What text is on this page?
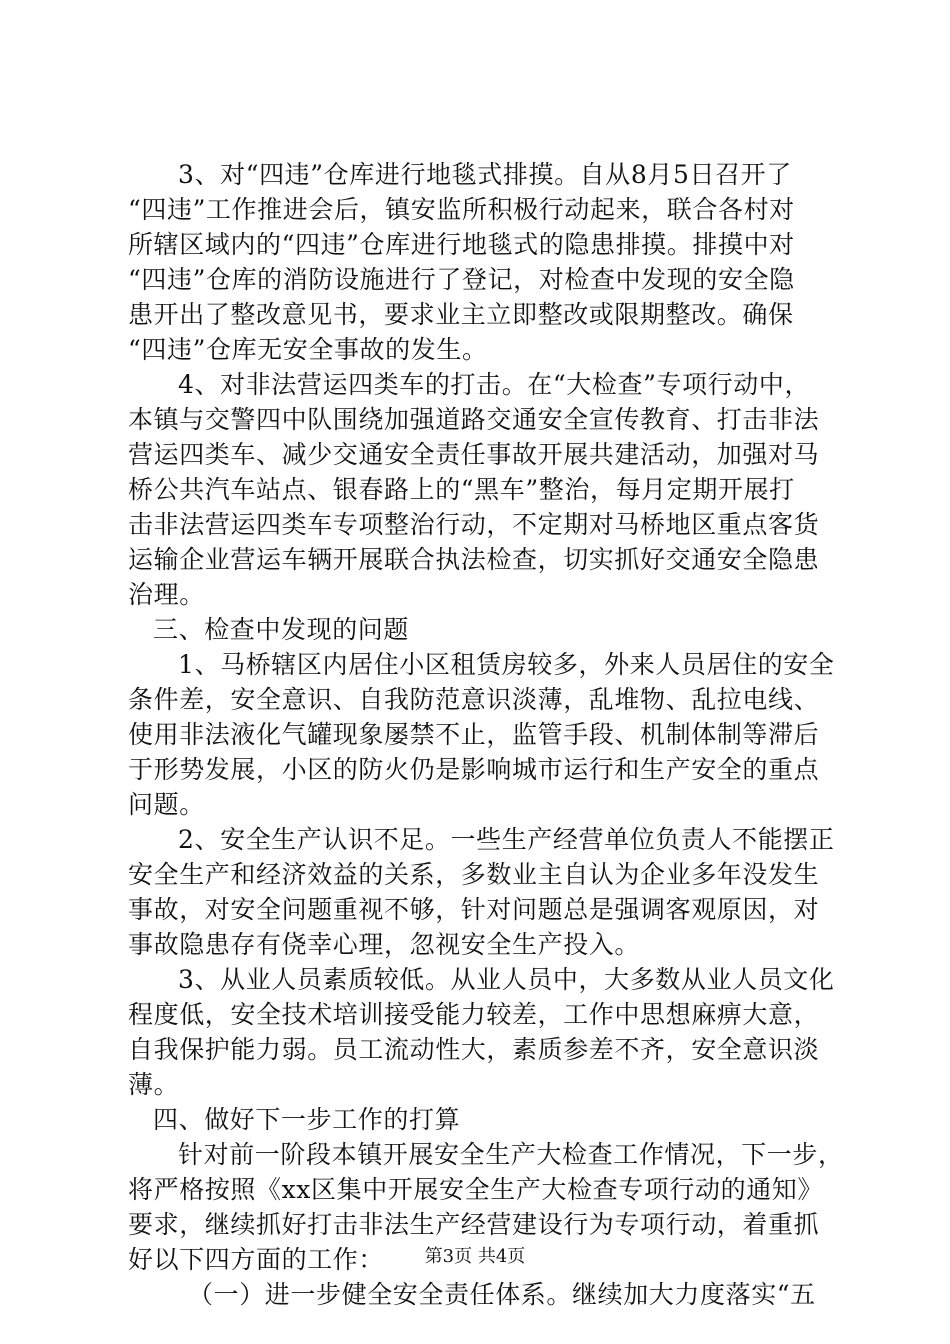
3、对“四违”仓库进行地毯式排摸。自从8月5日召开了
“四违”工作推进会后，镇安监所积极行动起来，联合各村对
所辖区域内的“四违”仓库进行地毯式的隐患排摸。排摸中对
“四违”仓库的消防设施进行了登记，对检查中发现的安全隐
患开出了整改意见书，要求业主立即整改或限期整改。确保
“四违”仓库无安全事故的发生。
4、对非法营运四类车的打击。在“大检查”专项行动中，
本镇与交警四中队围绕加强道路交通安全宣传教育、打击非法
营运四类车、减少交通安全责任事故开展共建活动，加强对马
桥公共汽车站点、银春路上的“黑车”整治，每月定期开展打
击非法营运四类车专项整治行动，不定期对马桥地区重点客货
运输企业营运车辆开展联合执法检查，切实抓好交通安全隐患
治理。
三、检查中发现的问题
1、马桥辖区内居住小区租赁房较多，外来人员居住的安全
条件差，安全意识、自我防范意识淡薄，乱堆物、乱拉电线、
使用非法液化气罐现象屡禁不止，监管手段、机制体制等滞后
于形势发展，小区的防火仍是影响城市运行和生产安全的重点
问题。
2、安全生产认识不足。一些生产经营单位负责人不能摆正
安全生产和经济效益的关系，多数业主自认为企业多年没发生
事故，对安全问题重视不够，针对问题总是强调客观原因，对
事故隐患存有侥幸心理，忽视安全生产投入。
3、从业人员素质较低。从业人员中，大多数从业人员文化
程度低，安全技术培训接受能力较差，工作中思想麻痹大意，
自我保护能力弱。员工流动性大，素质参差不齐，安全意识淡
薄。
四、做好下一步工作的打算
针对前一阶段本镇开展安全生产大检查工作情况，下一步，
将严格按照《xx区集中开展安全生产大检查专项行动的通知》
要求，继续抓好打击非法生产经营建设行为专项行动，着重抓
好以下四方面的工作：
（一）进一步健全安全责任体系。继续加大力度落实“五
第3页 共4页
